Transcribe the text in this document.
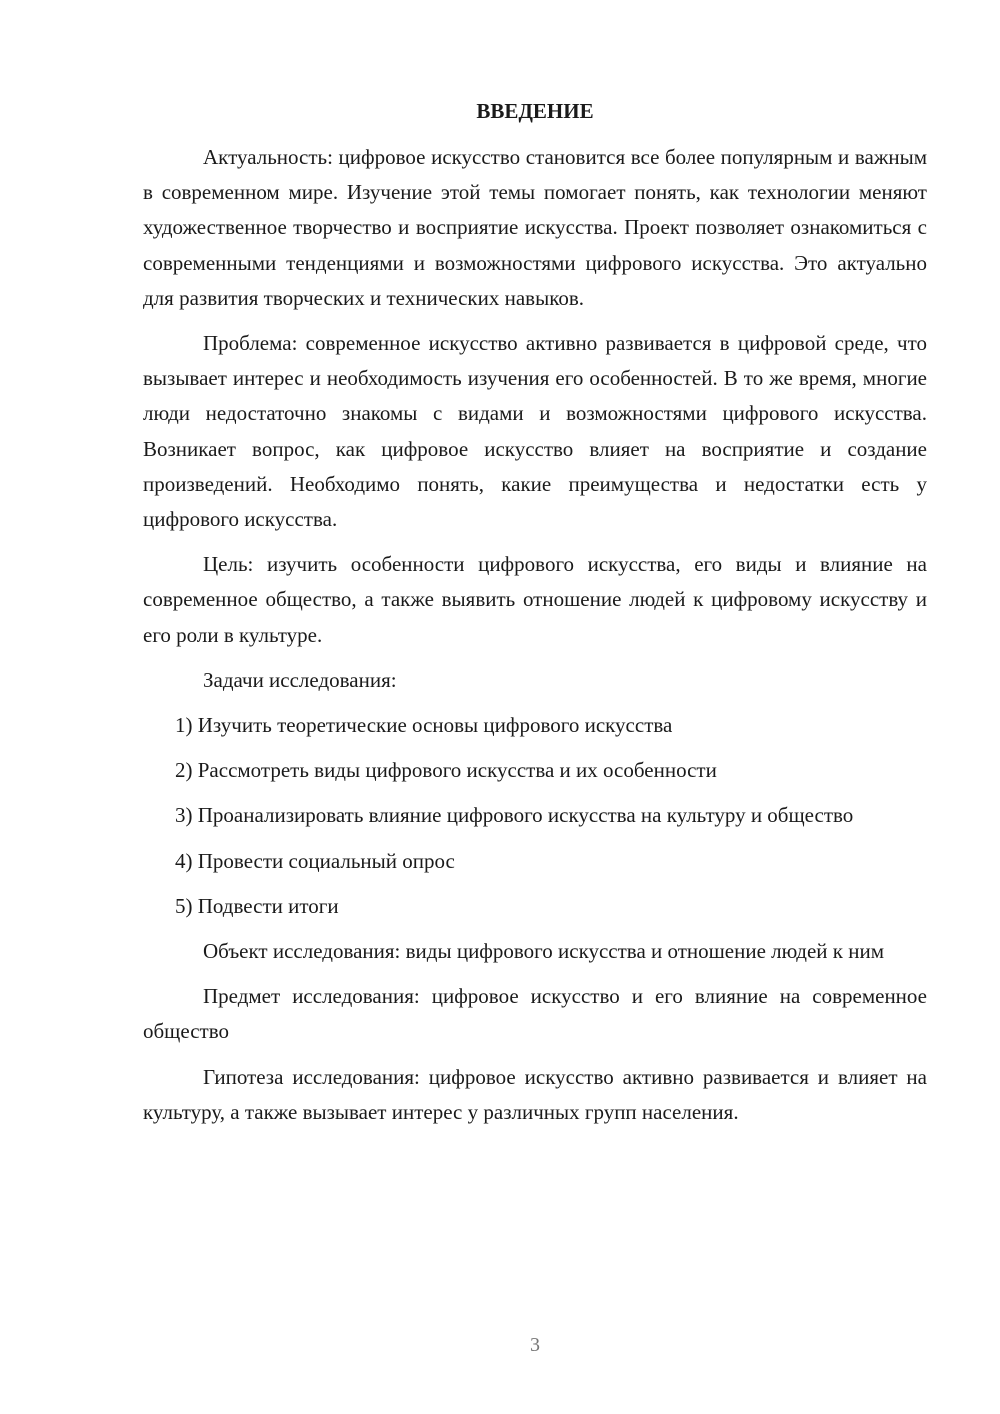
ВВЕДЕНИЕ

Актуальность: цифровое искусство становится все более популярным и важным в современном мире. Изучение этой темы помогает понять, как технологии меняют художественное творчество и восприятие искусства. Проект позволяет ознакомиться с современными тенденциями и возможностями цифрового искусства. Это актуально для развития творческих и технических навыков.

Проблема: современное искусство активно развивается в цифровой среде, что вызывает интерес и необходимость изучения его особенностей. В то же время, многие люди недостаточно знакомы с видами и возможностями цифрового искусства. Возникает вопрос, как цифровое искусство влияет на восприятие и создание произведений. Необходимо понять, какие преимущества и недостатки есть у цифрового искусства.

Цель: изучить особенности цифрового искусства, его виды и влияние на современное общество, а также выявить отношение людей к цифровому искусству и его роли в культуре.

Задачи исследования:

1) Изучить теоретические основы цифрового искусства

2) Рассмотреть виды цифрового искусства и их особенности

3) Проанализировать влияние цифрового искусства на культуру и общество

4) Провести социальный опрос

5) Подвести итоги

Объект исследования: виды цифрового искусства и отношение людей к ним

Предмет исследования: цифровое искусство и его влияние на современное общество

Гипотеза исследования: цифровое искусство активно развивается и влияет на культуру, а также вызывает интерес у различных групп населения.

3
